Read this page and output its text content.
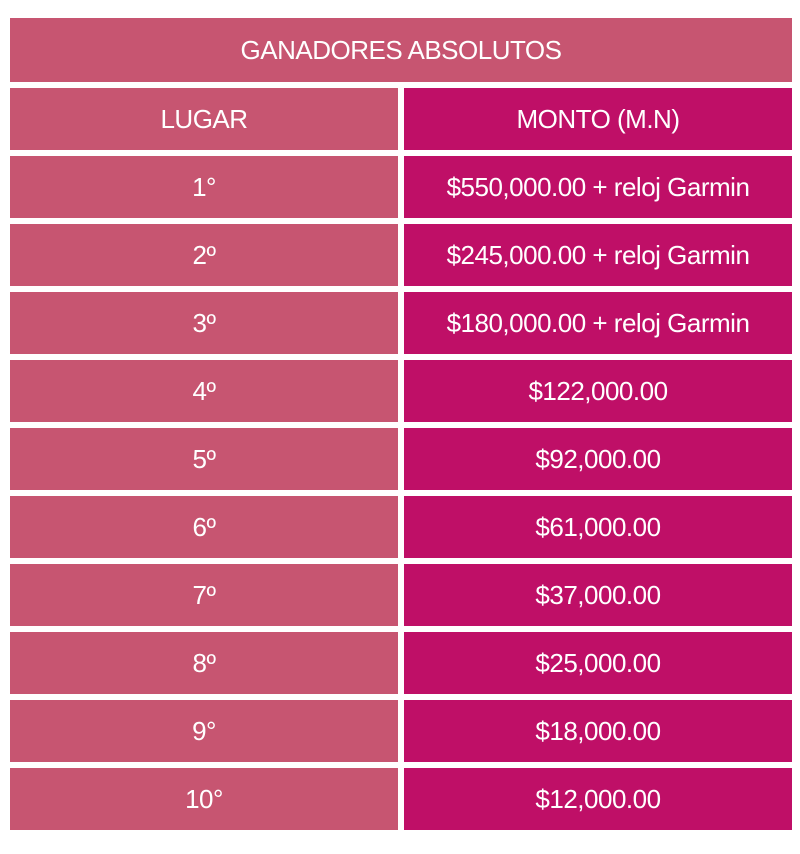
GANADORES ABSOLUTOS
LUGAR	MONTO (M.N)
1°	$550,000.00 + reloj Garmin
2º	$245,000.00 + reloj Garmin
3º	$180,000.00 + reloj Garmin
4º	$122,000.00
5º	$92,000.00
6º	$61,000.00
7º	$37,000.00
8º	$25,000.00
9°	$18,000.00
10°	$12,000.00
